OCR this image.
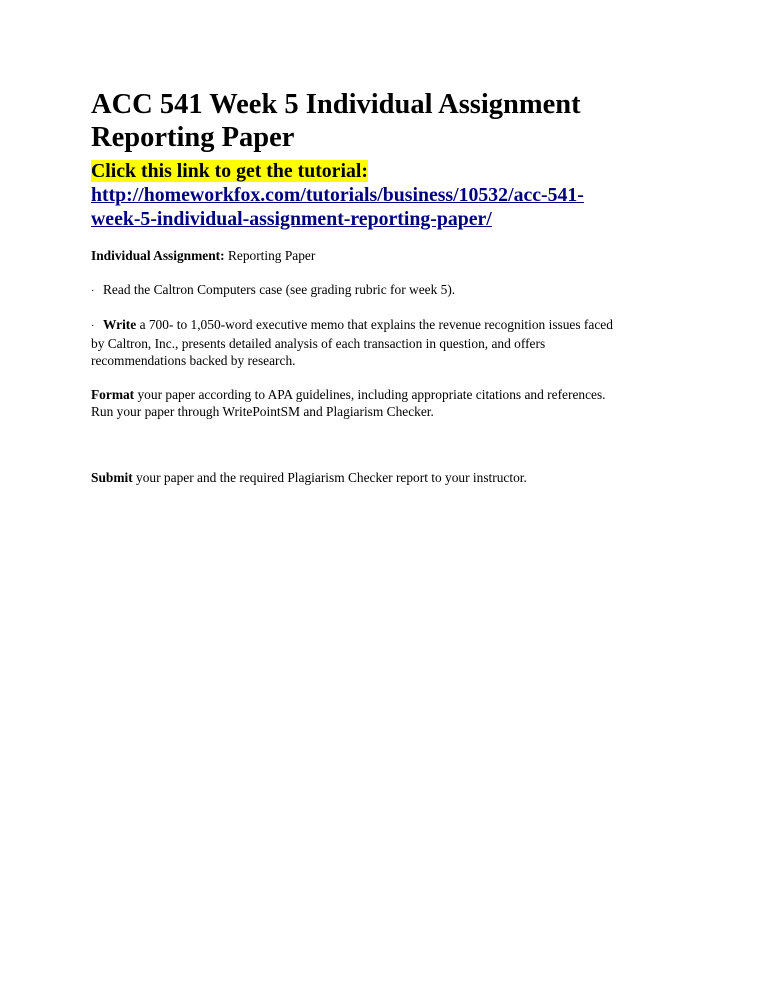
ACC 541 Week 5 Individual Assignment
Reporting Paper
Click this link to get the tutorial:
http://homeworkfox.com/tutorials/business/10532/acc-541-
week-5-individual-assignment-reporting-paper/

Individual Assignment: Reporting Paper

· Read the Caltron Computers case (see grading rubric for week 5).

· Write a 700- to 1,050-word executive memo that explains the revenue recognition issues faced
by Caltron, Inc., presents detailed analysis of each transaction in question, and offers
recommendations backed by research.

Format your paper according to APA guidelines, including appropriate citations and references.
Run your paper through WritePointSM and Plagiarism Checker.

Submit your paper and the required Plagiarism Checker report to your instructor.
